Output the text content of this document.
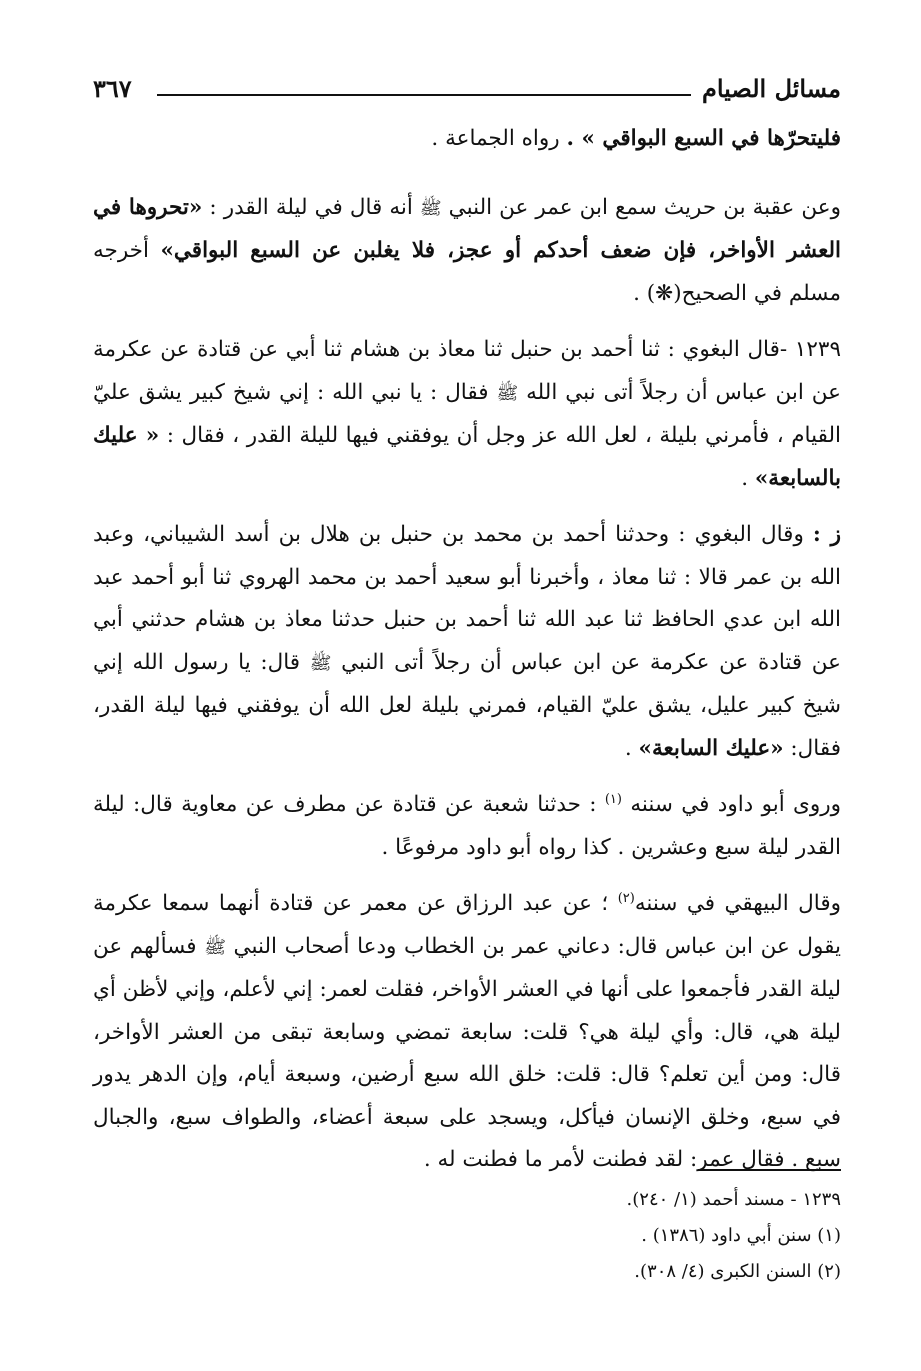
مسائل الصيام
٣٦٧

فليتحرّها في السبع البواقي » . رواه الجماعة .

وعن عقبة بن حريث سمع ابن عمر عن النبي ﷺ أنه قال في ليلة القدر : «تحروها في العشر الأواخر، فإن ضعف أحدكم أو عجز، فلا يغلبن عن السبع البواقي» أخرجه مسلم في الصحيح(❋) .

١٢٣٩ -قال البغوي : ثنا أحمد بن حنبل ثنا معاذ بن هشام ثنا أبي عن قتادة عن عكرمة عن ابن عباس أن رجلاً أتى نبي الله ﷺ فقال : يا نبي الله : إني شيخ كبير يشق عليّ القيام ، فأمرني بليلة ، لعل الله عز وجل أن يوفقني فيها لليلة القدر ، فقال : « عليك بالسابعة» .

ز : وقال البغوي : وحدثنا أحمد بن محمد بن حنبل بن هلال بن أسد الشيباني، وعبد الله بن عمر قالا : ثنا معاذ ، وأخبرنا أبو سعيد أحمد بن محمد الهروي ثنا أبو أحمد عبد الله ابن عدي الحافظ ثنا عبد الله ثنا أحمد بن حنبل حدثنا معاذ بن هشام حدثني أبي عن قتادة عن عكرمة عن ابن عباس أن رجلاً أتى النبي ﷺ قال: يا رسول الله إني شيخ كبير عليل، يشق عليّ القيام، فمرني بليلة لعل الله أن يوفقني فيها ليلة القدر، فقال: «عليك السابعة» .

وروى أبو داود في سننه $^{(١)}$ : حدثنا شعبة عن قتادة عن مطرف عن معاوية قال: ليلة القدر ليلة سبع وعشرين . كذا رواه أبو داود مرفوعًا .

وقال البيهقي في سننه$^{(٢)}$ ؛ عن عبد الرزاق عن معمر عن قتادة أنهما سمعا عكرمة يقول عن ابن عباس قال: دعاني عمر بن الخطاب ودعا أصحاب النبي ﷺ فسألهم عن ليلة القدر فأجمعوا على أنها في العشر الأواخر، فقلت لعمر: إني لأعلم، وإني لأظن أي ليلة هي، قال: وأي ليلة هي؟ قلت: سابعة تمضي وسابعة تبقى من العشر الأواخر، قال: ومن أين تعلم؟ قال: قلت: خلق الله سبع أرضين، وسبعة أيام، وإن الدهر يدور في سبع، وخلق الإنسان فيأكل، ويسجد على سبعة أعضاء، والطواف سبع، والجبال سبع . فقال عمر: لقد فطنت لأمر ما فطنت له .

١٢٣٩ - مسند أحمد (١/ ٢٤٠).
(١) سنن أبي داود (١٣٨٦) .
(٢) السنن الكبرى (٤/ ٣٠٨).
